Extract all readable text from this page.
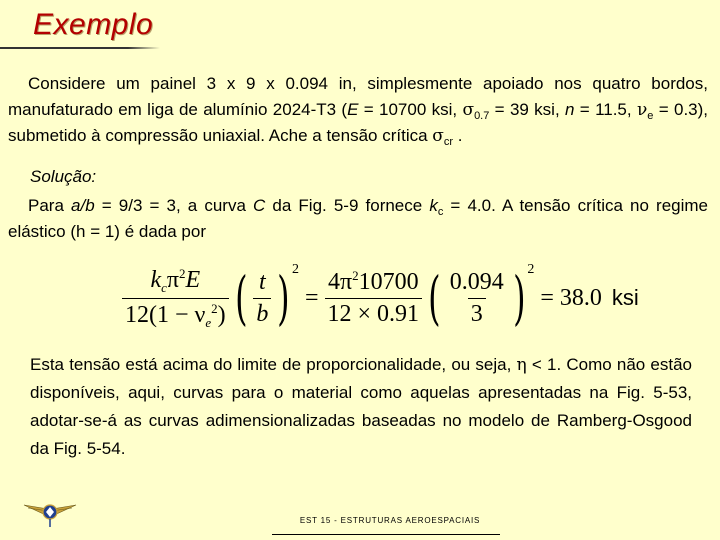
Exemplo
Considere um painel 3 x 9 x 0.094 in, simplesmente apoiado nos quatro bordos, manufaturado em liga de alumínio 2024-T3 (E = 10700 ksi, $\sigma_{0.7} = 39$ ksi, n = 11.5, $\nu_e = 0.3$), submetido à compressão uniaxial. Ache a tensão crítica $\sigma_{cr}$ .
Solução:
Para a/b = 9/3 = 3, a curva C da Fig. 5-9 fornece $k_c = 4.0$. A tensão crítica no regime elástico (h = 1) é dada por
$\frac{k_c\pi^2E}{12(1 - \nu_e^2)}$ ( $\frac{t}{b}$ ) 2
= $\frac{4\pi^210700}{12 \times 0.91}$ ( $\frac{0.094}{3}$ ) 2
= 38.0 ksi
Esta tensão está acima do limite de proporcionalidade, ou seja, η < 1. Como não estão disponíveis, aqui, curvas para o material como aquelas apresentadas na Fig. 5-53, adotar-se-á as curvas adimensionalizadas baseadas no modelo de Ramberg-Osgood da Fig. 5-54.
EST 15 - ESTRUTURAS AEROESPACIAIS
